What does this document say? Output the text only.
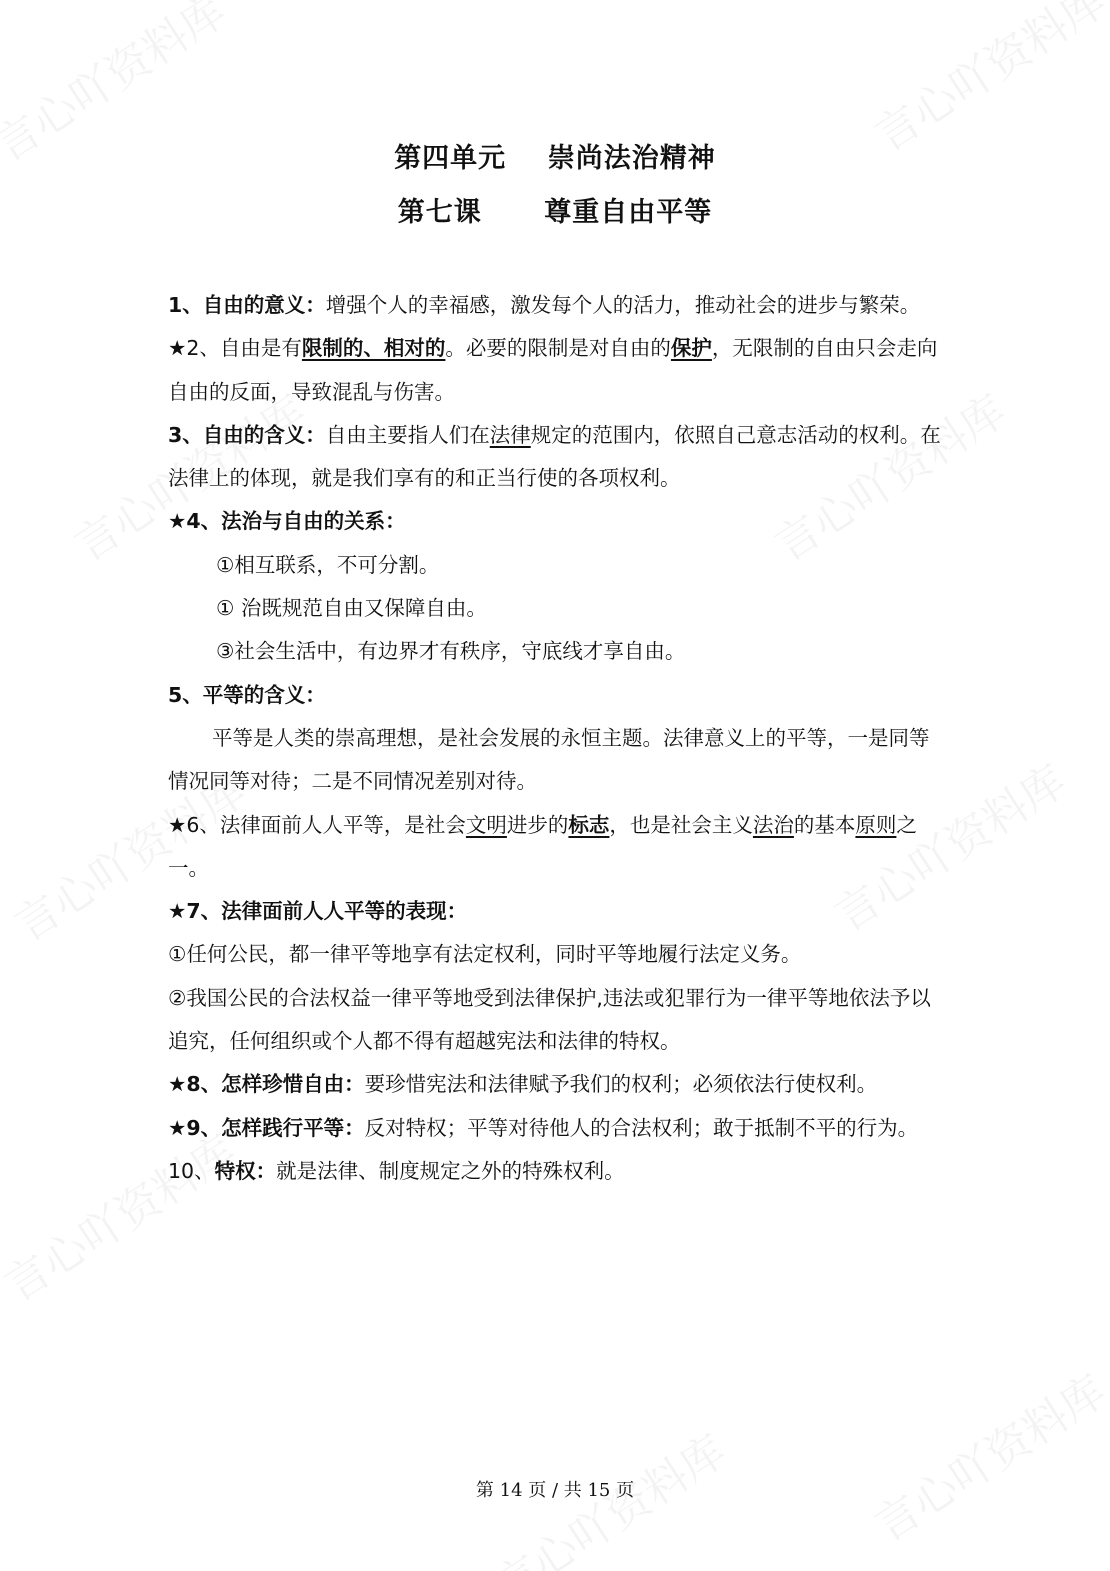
第四单元    崇尚法治精神
第七课      尊重自由平等

1、自由的意义：增强个人的幸福感，激发每个人的活力，推动社会的进步与繁荣。

★2、自由是有限制的、相对的。必要的限制是对自由的保护，无限制的自由只会走向自由的反面，导致混乱与伤害。

3、自由的含义：自由主要指人们在法律规定的范围内，依照自己意志活动的权利。在法律上的体现，就是我们享有的和正当行使的各项权利。

★4、法治与自由的关系：

①相互联系，不可分割。

① 治既规范自由又保障自由。

③社会生活中，有边界才有秩序，守底线才享自由。

5、平等的含义：

平等是人类的崇高理想，是社会发展的永恒主题。法律意义上的平等，一是同等情况同等对待；二是不同情况差别对待。

★6、法律面前人人平等，是社会文明进步的标志，也是社会主义法治的基本原则之一。

★7、法律面前人人平等的表现：

①任何公民，都一律平等地享有法定权利，同时平等地履行法定义务。

②我国公民的合法权益一律平等地受到法律保护,违法或犯罪行为一律平等地依法予以追究，任何组织或个人都不得有超越宪法和法律的特权。

★8、怎样珍惜自由：要珍惜宪法和法律赋予我们的权利；必须依法行使权利。

★9、怎样践行平等：反对特权；平等对待他人的合法权利；敢于抵制不平的行为。

10、特权：就是法律、制度规定之外的特殊权利。

第 14 页 / 共 15 页
